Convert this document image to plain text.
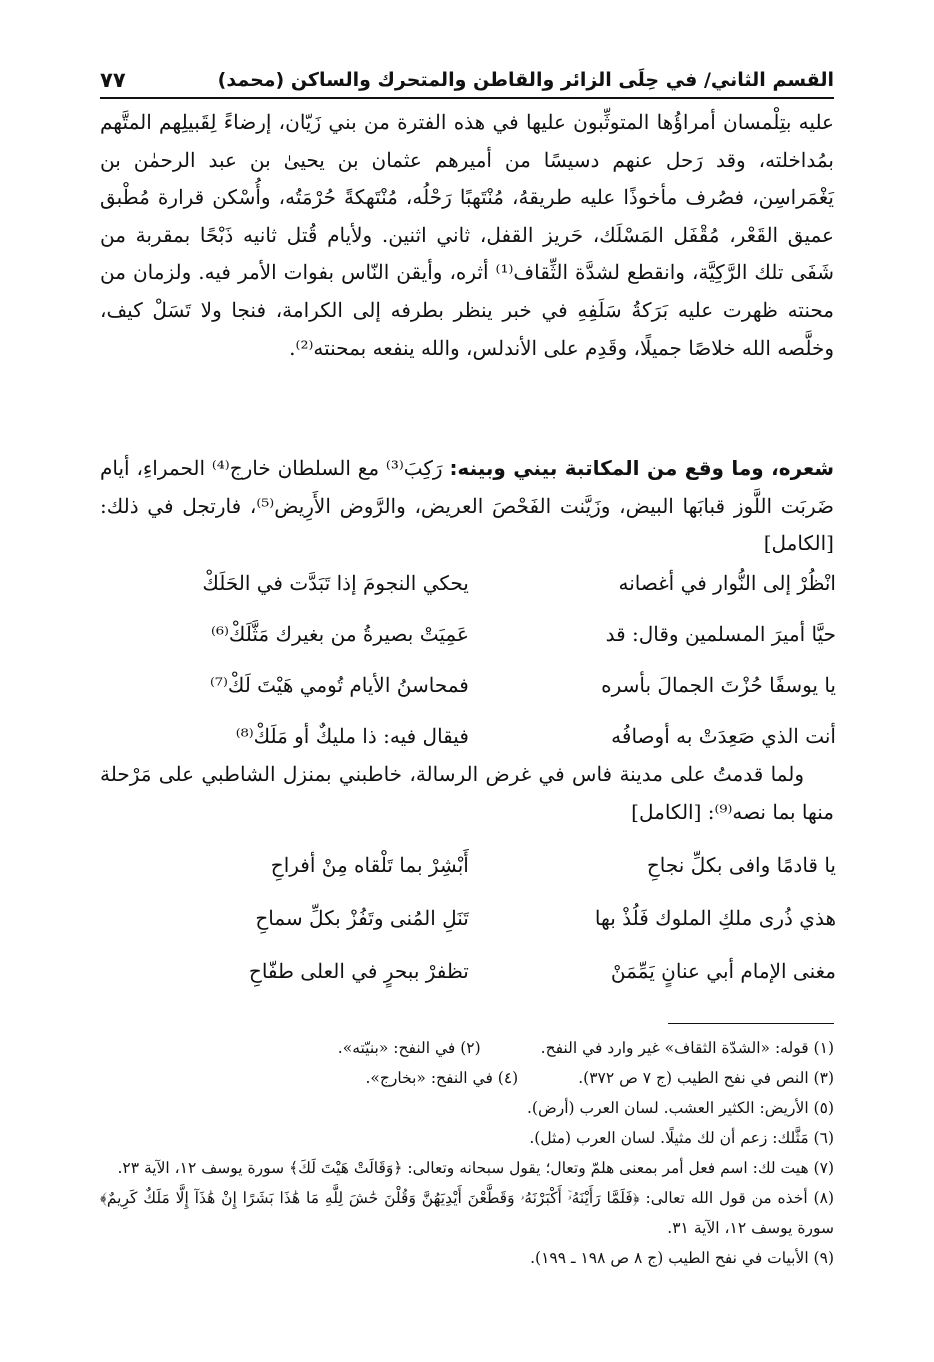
القسم الثاني/ في حِلَى الزائر والقاطن والمتحرك والساكن (محمد)
٧٧
عليه بتِلْمسان أمراؤُها المتوثِّبون عليها في هذه الفترة من بني زَيّان، إرضاءً لِقَبيلِهم المتَّهم بمُداخلته، وقد رَحل عنهم دسيسًا من أميرهم عثمان بن يحيىٰ بن عبد الرحمٰن بن يَغْمَراسِن، فصُرف مأخوذًا عليه طريقهُ، مُنْتَهبًا رَحْلُه، مُنْتَهكةً حُرْمَتُه، وأُسْكن قرارة مُطْبق عميق القَعْر، مُقْفَل المَسْلَك، حَريز القفل، ثاني اثنين. ولأيام قُتل ثانيه ذَبْحًا بمقربة من شَفَى تلك الرَّكِيَّة، وانقطع لشدَّة الثِّقاف⁽¹⁾ أثره، وأيقن النّاس بفوات الأمر فيه. ولزمان من محنته ظهرت عليه بَرَكةُ سَلَفِهِ في خبر ينظر بطرفه إلى الكرامة، فنجا ولا تَسَلْ كيف، وخلَّصه الله خلاصًا جميلًا، وقَدِم على الأندلس، والله ينفعه بمحنته⁽²⁾.
شعره، وما وقع من المكاتبة بيني وبينه: رَكِبَ⁽³⁾ مع السلطان خارج⁽⁴⁾ الحمراءِ، أيام ضَربَت اللَّوز قبابَها البيض، وزَيَّنت الفَحْصَ العريض، والرَّوض الأَرِيض⁽⁵⁾، فارتجل في ذلك: [الكامل]
انْظُرْ إلى النُّوار في أغصانه
يحكي النجومَ إذا تَبَدَّت في الحَلَكْ
حيَّا أميرَ المسلمين وقال: قد
عَمِيَتْ بصيرةُ من بغيرك مَثَّلَكْ⁽⁶⁾
يا يوسفًا حُزْتَ الجمالَ بأسره
فمحاسنُ الأيام تُومي هَيْتَ لَكْ⁽⁷⁾
أنت الذي صَعِدَتْ به أوصافُه
فيقال فيه: ذا مليكٌ أو مَلَكْ⁽⁸⁾
ولما قدمتُ على مدينة فاس في غرض الرسالة، خاطبني بمنزل الشاطبي على مَرْحلة منها بما نصه⁽⁹⁾: [الكامل]
يا قادمًا وافى بكلِّ نجاحِ
أَبْشِرْ بما تَلْقاه مِنْ أفراحِ
هذي ذُرى ملكِ الملوك فَلُذْ بها
تَنَلِ المُنى وتَفُزْ بكلِّ سماحِ
مغنى الإمام أبي عنانٍ يَمِّمَنْ
تظفرْ ببحرٍ في العلى طفّاحِ
(١) قوله: «الشدّة الثقاف» غير وارد في النفح.
(٢) في النفح: «بنيّته».
(٣) النص في نفح الطيب (ج ٧ ص ٣٧٢).
(٤) في النفح: «بخارج».
(٥) الأريض: الكثير العشب. لسان العرب (أرض).
(٦) مَثَّلك: زعم أن لك مثيلًا. لسان العرب (مثل).
(٧) هيت لك: اسم فعل أمر بمعنى هلمّ وتعال؛ يقول سبحانه وتعالى: ﴿وَقَالَتْ هَيْتَ لَكَ﴾ سورة يوسف ١٢، الآية ٢٣.
(٨) أخذه من قول الله تعالى: ﴿فَلَمَّا رَأَيْنَهُۥٓ أَكْبَرْنَهُۥ وَقَطَّعْنَ أَيْدِيَهُنَّ وَقُلْنَ حَٰشَ لِلَّهِ مَا هَٰذَا بَشَرًا إِنْ هَٰذَآ إِلَّا مَلَكٌ كَرِيمٌ﴾ سورة يوسف ١٢، الآية ٣١.
(٩) الأبيات في نفح الطيب (ج ٨ ص ١٩٨ ـ ١٩٩).
